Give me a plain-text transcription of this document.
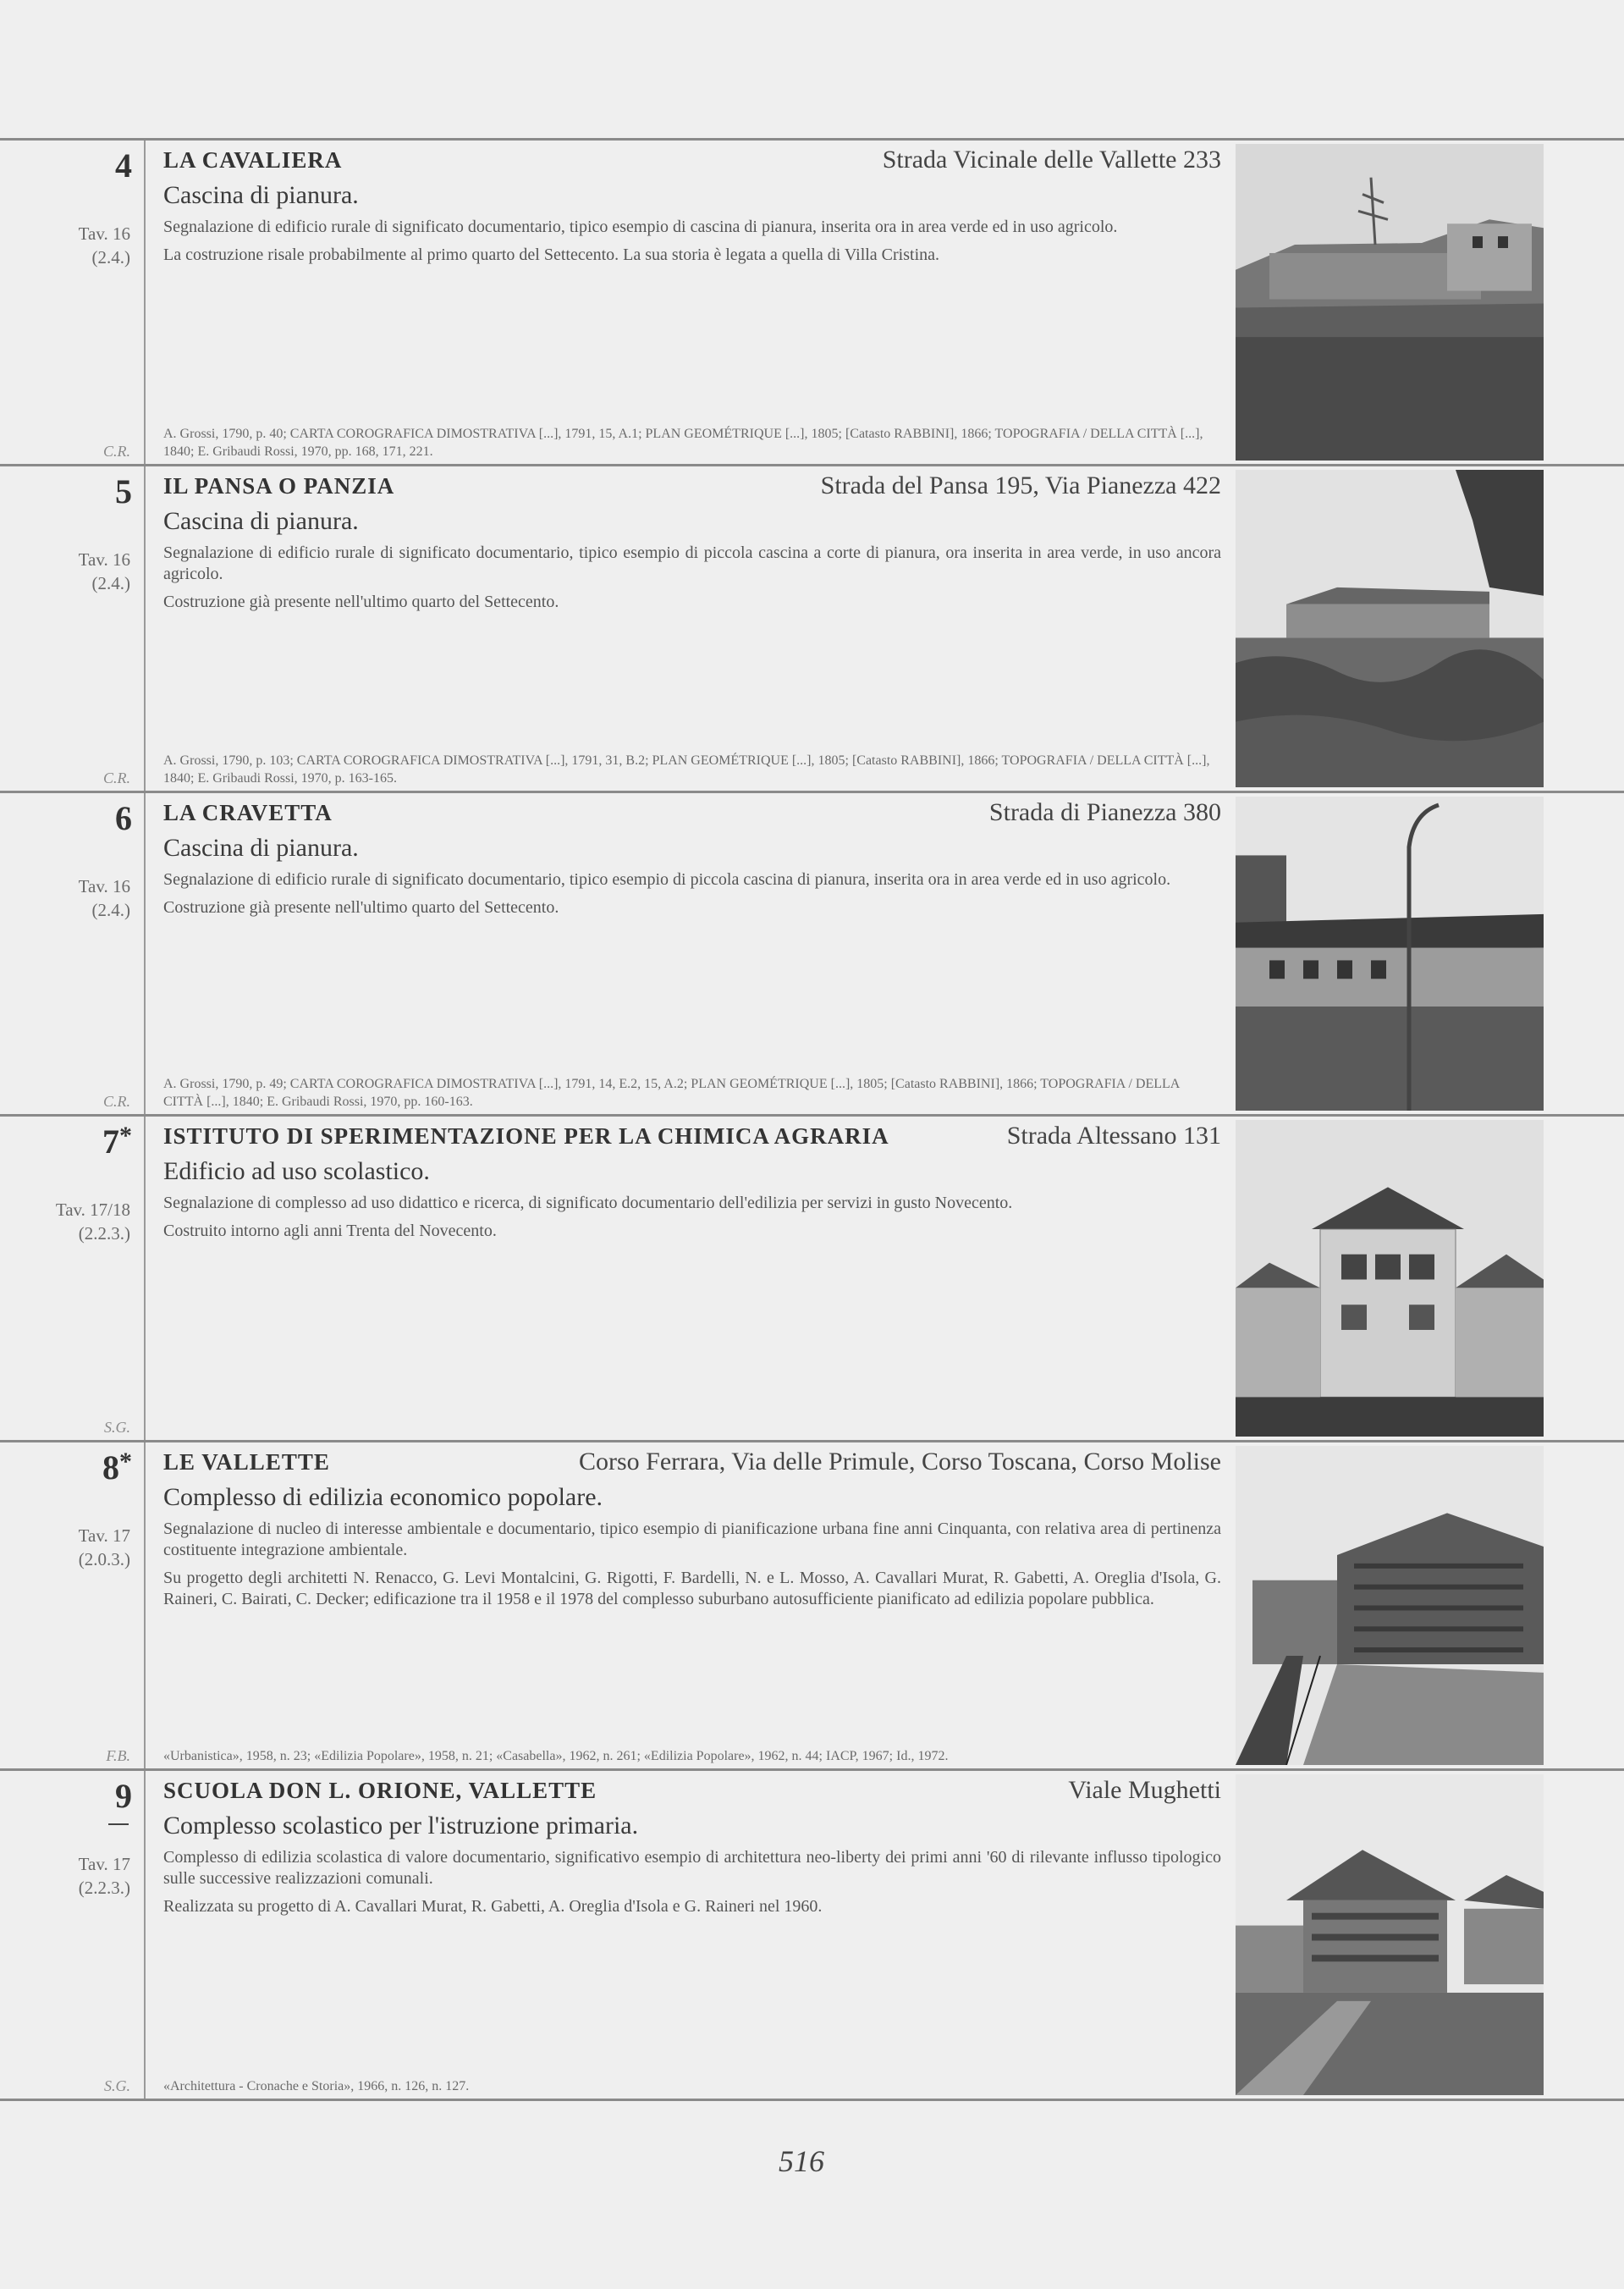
4
Tav. 16
(2.4.)
C.R.
LA CAVALIERA	Strada Vicinale delle Vallette 233
Cascina di pianura.

Segnalazione di edificio rurale di significato documentario, tipico esempio di cascina di pianura, inserita ora in area verde ed in uso agricolo.

La costruzione risale probabilmente al primo quarto del Settecento. La sua storia è legata a quella di Villa Cristina.

A. Grossi, 1790, p. 40; CARTA COROGRAFICA DIMOSTRATIVA [...], 1791, 15, A.1; PLAN GEOMÉTRIQUE [...], 1805; [Catasto RABBINI], 1866; TOPOGRAFIA / DELLA CITTÀ [...], 1840; E. Gribaudi Rossi, 1970, pp. 168, 171, 221.
5
Tav. 16
(2.4.)
C.R.
IL PANSA O PANZIA	Strada del Pansa 195, Via Pianezza 422
Cascina di pianura.

Segnalazione di edificio rurale di significato documentario, tipico esempio di piccola cascina a corte di pianura, ora inserita in area verde, in uso ancora agricolo.

Costruzione già presente nell'ultimo quarto del Settecento.

A. Grossi, 1790, p. 103; CARTA COROGRAFICA DIMOSTRATIVA [...], 1791, 31, B.2; PLAN GEOMÉTRIQUE [...], 1805; [Catasto RABBINI], 1866; TOPOGRAFIA / DELLA CITTÀ [...], 1840; E. Gribaudi Rossi, 1970, p. 163-165.
6
Tav. 16
(2.4.)
C.R.
LA CRAVETTA	Strada di Pianezza 380
Cascina di pianura.

Segnalazione di edificio rurale di significato documentario, tipico esempio di piccola cascina di pianura, inserita ora in area verde ed in uso agricolo.

Costruzione già presente nell'ultimo quarto del Settecento.

A. Grossi, 1790, p. 49; CARTA COROGRAFICA DIMOSTRATIVA [...], 1791, 14, E.2, 15, A.2; PLAN GEOMÉTRIQUE [...], 1805; [Catasto RABBINI], 1866; TOPOGRAFIA / DELLA CITTÀ [...], 1840; E. Gribaudi Rossi, 1970, pp. 160-163.
7*
Tav. 17/18
(2.2.3.)
S.G.
ISTITUTO DI SPERIMENTAZIONE PER LA CHIMICA AGRARIA	Strada Altessano 131
Edificio ad uso scolastico.

Segnalazione di complesso ad uso didattico e ricerca, di significato documentario dell'edilizia per servizi in gusto Novecento.

Costruito intorno agli anni Trenta del Novecento.

8*
Tav. 17
(2.0.3.)
F.B.
LE VALLETTE	Corso Ferrara, Via delle Primule, Corso Toscana, Corso Molise
Complesso di edilizia economico popolare.

Segnalazione di nucleo di interesse ambientale e documentario, tipico esempio di pianificazione urbana fine anni Cinquanta, con relativa area di pertinenza costituente integrazione ambientale.

Su progetto degli architetti N. Renacco, G. Levi Montalcini, G. Rigotti, F. Bardelli, N. e L. Mosso, A. Cavallari Murat, R. Gabetti, A. Oreglia d'Isola, G. Raineri, C. Bairati, C. Decker; edificazione tra il 1958 e il 1978 del complesso suburbano autosufficiente pianificato ad edilizia popolare pubblica.

«Urbanistica», 1958, n. 23; «Edilizia Popolare», 1958, n. 21; «Casabella», 1962, n. 261; «Edilizia Popolare», 1962, n. 44; IACP, 1967; Id., 1972.
9
Tav. 17
(2.2.3.)
S.G.
SCUOLA DON L. ORIONE, VALLETTE	Viale Mughetti
Complesso scolastico per l'istruzione primaria.

Complesso di edilizia scolastica di valore documentario, significativo esempio di architettura neo-liberty dei primi anni '60 di rilevante influsso tipologico sulle successive realizzazioni comunali.

Realizzata su progetto di A. Cavallari Murat, R. Gabetti, A. Oreglia d'Isola e G. Raineri nel 1960.

«Architettura - Cronache e Storia», 1966, n. 126, n. 127.
516
